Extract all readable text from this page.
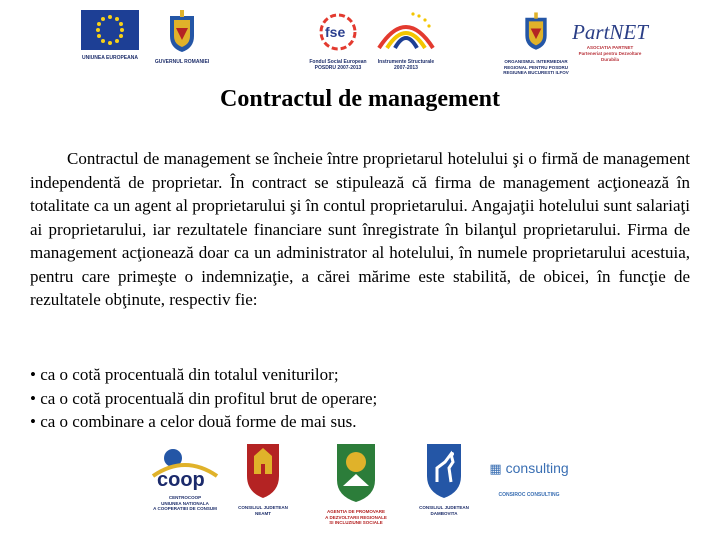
UNIUNEA EUROPEANA
GUVERNUL ROMANIEI
fse
Fondul Social European
POSDRU 2007-2013
Instrumente Structurale
2007-2013
ORGANISMUL INTERMEDIAR
REGIONAL PENTRU POSDRU
REGIUNEA BUCURESTI ILFOV
PartNET
ASOCIATIA PARTNET
Parteneriat pentru Dezvoltare Durabila
Contractul de management

Contractul de management se încheie între proprietarul hotelului şi o firmă de management independentă de proprietar. În contract se stipulează că firma de management acţionează în totalitate ca un agent al proprietarului şi în contul proprietarului. Angajaţii hotelului sunt salariaţi ai proprietarului, iar rezultatele financiare sunt înregistrate în bilanţul proprietarului. Firma de management acţionează doar ca un administrator al hotelului, în numele proprietarului acestuia, pentru care primeşte o indemnizaţie, a cărei mărime este stabilită, de obicei, în funcţie de rezultatele obţinute, respectiv fie:

• ca o cotă procentuală din totalul veniturilor;
• ca o cotă procentuală din profitul brut de operare;
• ca o combinare a celor două forme de mai sus.
coop
CENTROCOOP
UNIUNEA NATIONALA
A COOPERATIEI DE CONSUM	CONSILIUL JUDETEAN
NEAMT	AGENTIA DE PROMOVARE
A DEZVOLTARII REGIONALE
SI INCLUZIUNII SOCIALE
CONSILIUL JUDETEAN
DAMBOVITA
▦ consulting
CONSIROC CONSULTING
